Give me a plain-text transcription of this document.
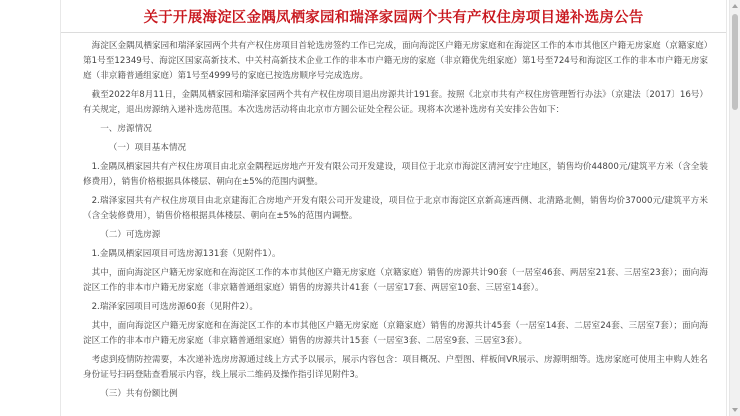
关于开展海淀区金隅凤栖家园和瑞泽家园两个共有产权住房项目递补选房公告

海淀区金隅凤栖家园和瑞泽家园两个共有产权住房项目首轮选房签约工作已完成，面向海淀区户籍无房家庭和在海淀区工作的本市其他区户籍无房家庭（京籍家庭）第1号至12349号、海淀区国家高新技术、中关村高新技术企业工作的非本市户籍无房的家庭（非京籍优先组家庭）第1号至724号和海淀区工作的非本市户籍无房家庭（非京籍普通组家庭）第1号至4999号的家庭已按选房顺序号完成选房。

截至2022年8月11日，金隅凤栖家园和瑞泽家园两个共有产权住房项目退出房源共计191套。按照《北京市共有产权住房管理暂行办法》（京建法〔2017〕16号）有关规定，退出房源纳入递补选房范围。本次选房活动将由北京市方圆公证处全程公证。现将本次递补选房有关安排公告如下：

一、房源情况

（一）项目基本情况

1.金隅凤栖家园共有产权住房项目由北京金隅程远房地产开发有限公司开发建设，项目位于北京市海淀区清河安宁庄地区，销售均价44800元/建筑平方米（含全装修费用），销售价格根据具体楼层、朝向在±5%的范围内调整。

2.瑞泽家园共有产权住房项目由北京建海汇合房地产开发有限公司开发建设，项目位于北京市海淀区京新高速西侧、北清路北侧，销售均价37000元/建筑平方米（含全装修费用），销售价格根据具体楼层、朝向在±5%的范围内调整。

（二）可选房源

1.金隅凤栖家园项目可选房源131套（见附件1）。

其中，面向海淀区户籍无房家庭和在海淀区工作的本市其他区户籍无房家庭（京籍家庭）销售的房源共计90套（一居室46套、两居室21套、三居室23套）；面向海淀区工作的非本市户籍无房家庭（非京籍普通组家庭）销售的房源共计41套（一居室17套、两居室10套、三居室14套）。

2.瑞泽家园项目可选房源60套（见附件2）。

其中，面向海淀区户籍无房家庭和在海淀区工作的本市其他区户籍无房家庭（京籍家庭）销售的房源共计45套（一居室14套、二居室24套、三居室7套）；面向海淀区工作的非本市户籍无房家庭（非京籍普通组家庭）销售的房源共计15套（一居室3套、二居室9套、三居室3套）。

考虑到疫情防控需要，本次递补选房房源通过线上方式予以展示，展示内容包含：项目概况、户型图、样板间VR展示、房源明细等。选房家庭可使用主申购人姓名身份证号扫码登陆查看展示内容，线上展示二维码及操作指引详见附件3。

（三）共有份额比例
